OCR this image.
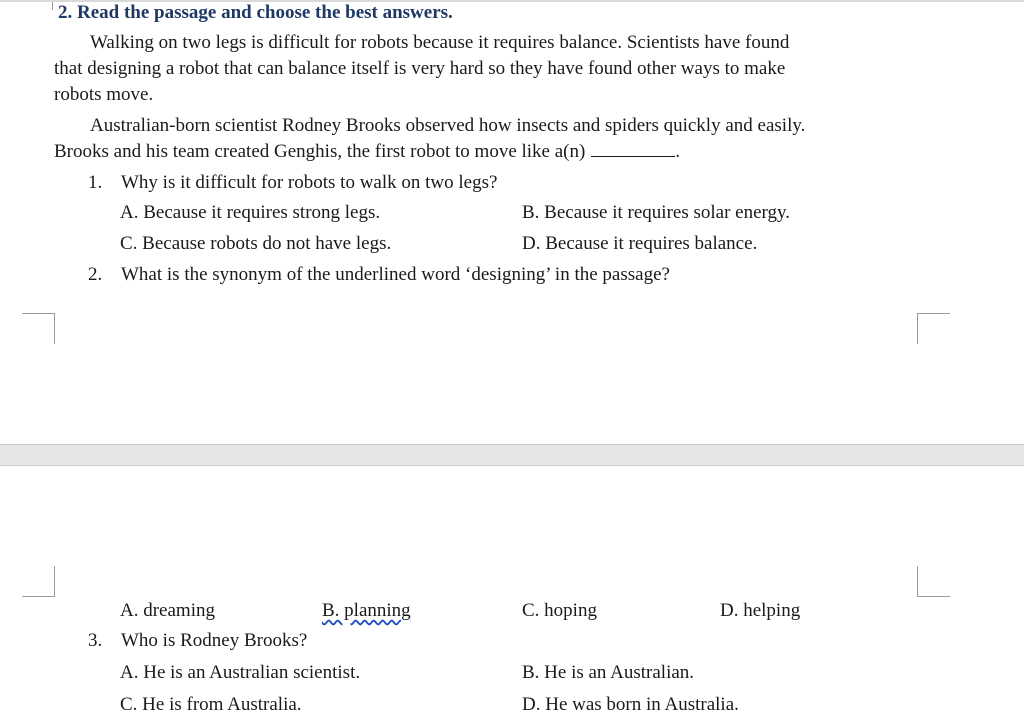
2. Read the passage and choose the best answers.
Walking on two legs is difficult for robots because it requires balance. Scientists have found
that designing a robot that can balance itself is very hard so they have found other ways to make
robots move.
Australian-born scientist Rodney Brooks observed how insects and spiders quickly and easily.
Brooks and his team created Genghis, the first robot to move like a(n)	.
1. Why is it difficult for robots to walk on two legs?
A. Because it requires strong legs.	B. Because it requires solar energy.
C. Because robots do not have legs.	D. Because it requires balance.
2. What is the synonym of the underlined word ‘designing’ in the passage?
A. dreaming	B. planning	C. hoping	D. helping
3. Who is Rodney Brooks?
A. He is an Australian scientist.	B. He is an Australian.
C. He is from Australia.	D. He was born in Australia.
